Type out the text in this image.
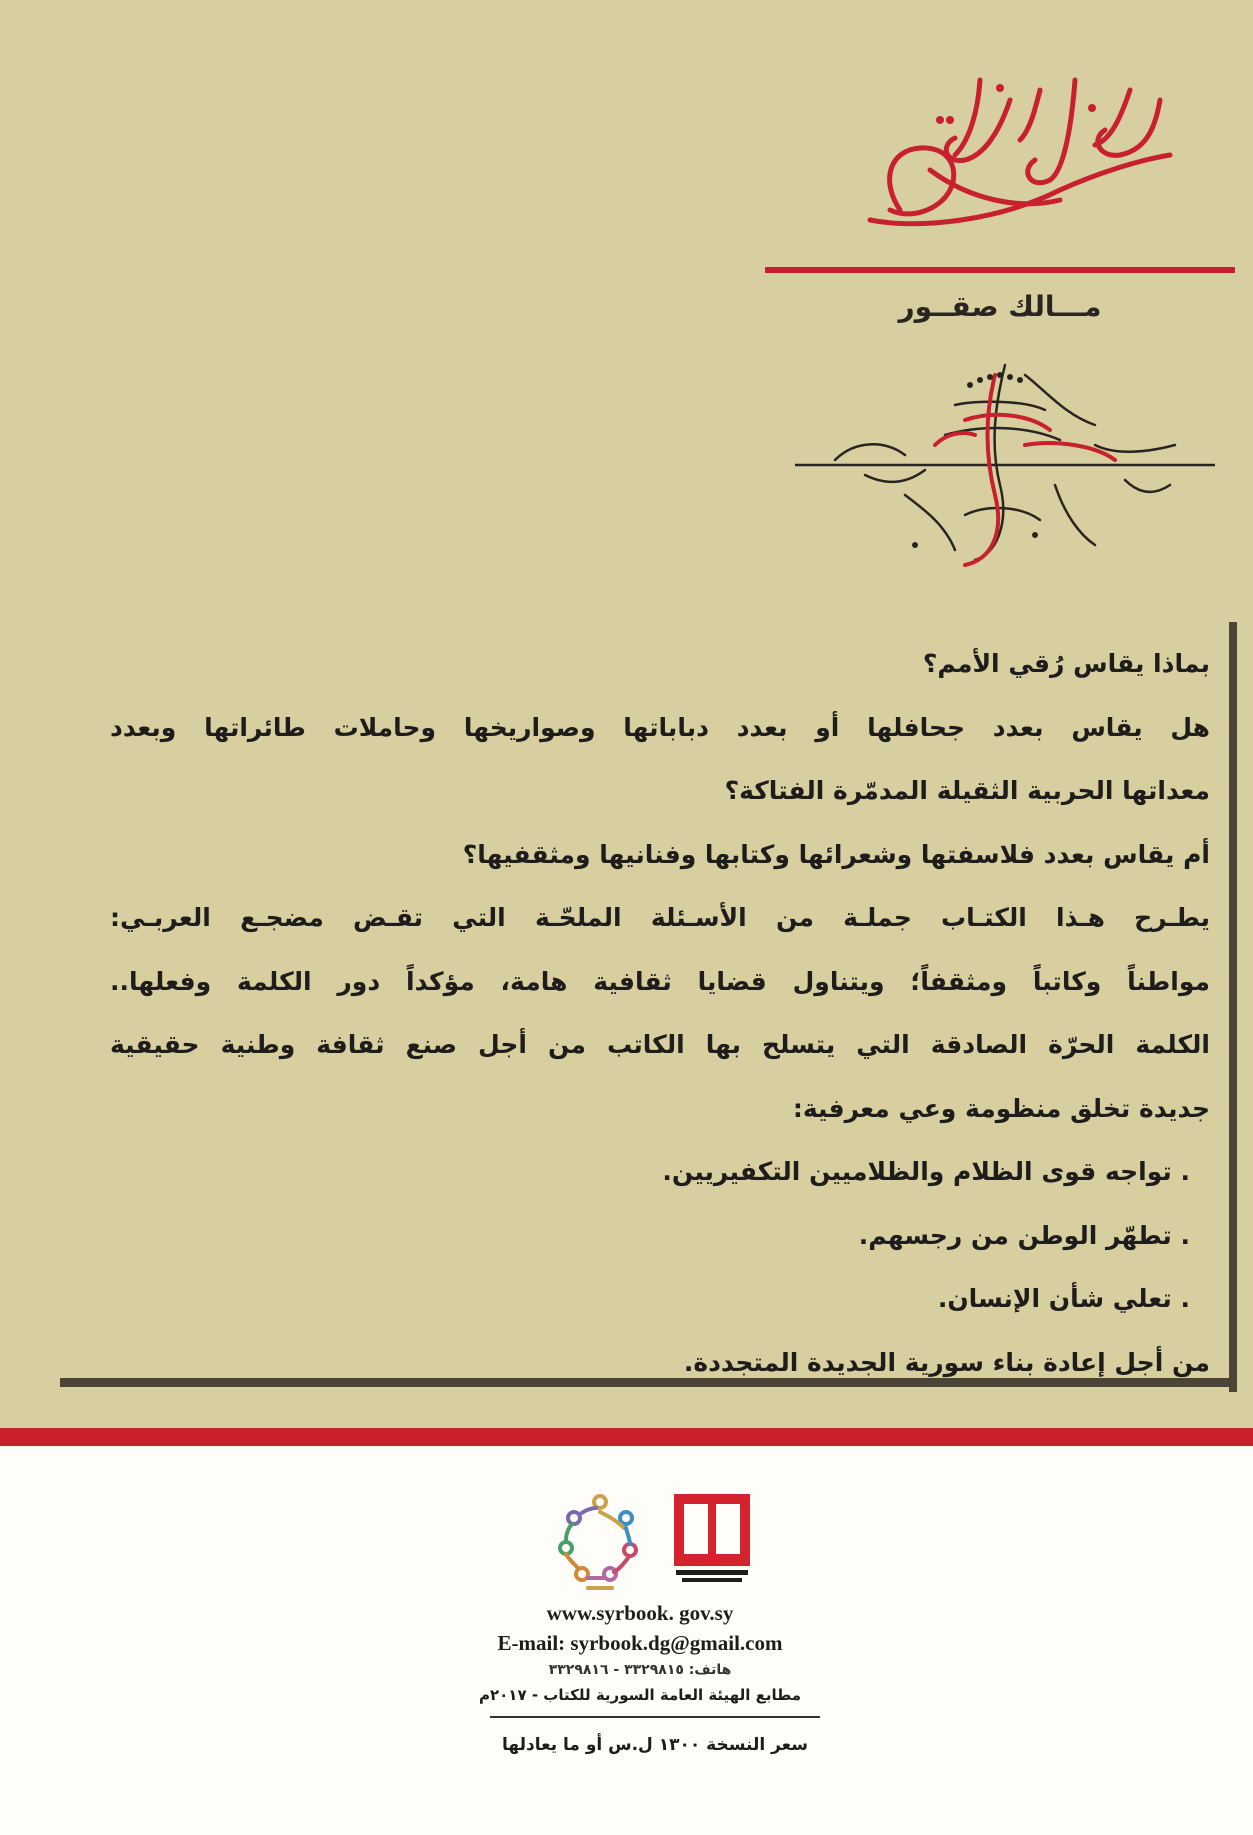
مـــالك صقــور

بماذا يقاس رُقي الأمم؟

هل يقاس بعدد جحافلها أو بعدد دباباتها وصواريخها وحاملات طائراتها وبعدد

معداتها الحربية الثقيلة المدمّرة الفتاكة؟

أم يقاس بعدد فلاسفتها وشعرائها وكتابها وفنانيها ومثقفيها؟

يطـرح هـذا الكتـاب جملـة من الأسـئلة الملحّـة التي تقـض مضجـع العربـي:

مواطناً وكاتباً ومثقفاً؛ ويتناول قضايا ثقافية هامة، مؤكداً دور الكلمة وفعلها..

الكلمة الحرّة الصادقة التي يتسلح بها الكاتب من أجل صنع ثقافة وطنية حقيقية

جديدة تخلق منظومة وعي معرفية:

. تواجه قوى الظلام والظلاميين التكفيريين.

. تطهّر الوطن من رجسهم.

. تعلي شأن الإنسان.

من أجل إعادة بناء سورية الجديدة المتجددة.

www.syrbook. gov.sy
E-mail: syrbook.dg@gmail.com
هاتف: ٣٣٢٩٨١٥ - ٣٣٢٩٨١٦
مطابع الهيئة العامة السورية للكتاب - ٢٠١٧م
سعر النسخة ١٣٠٠ ل.س أو ما يعادلها
